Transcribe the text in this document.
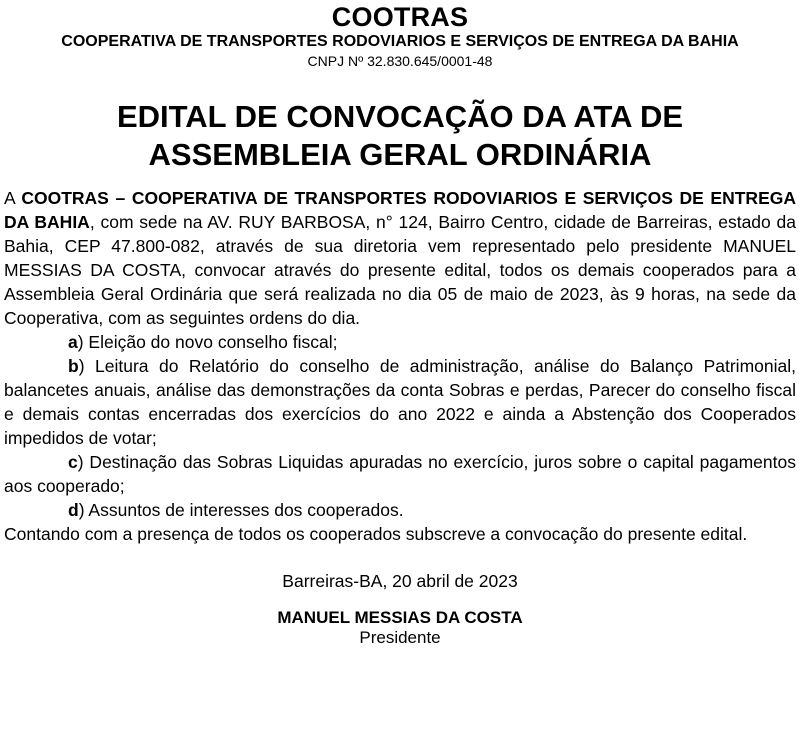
COOTRAS
COOPERATIVA DE TRANSPORTES RODOVIARIOS E SERVIÇOS DE ENTREGA DA BAHIA
CNPJ Nº 32.830.645/0001-48
EDITAL DE CONVOCAÇÃO DA ATA DE
ASSEMBLEIA GERAL ORDINÁRIA

A COOTRAS – COOPERATIVA DE TRANSPORTES RODOVIARIOS E SERVIÇOS DE ENTREGA DA BAHIA, com sede na AV. RUY BARBOSA, n° 124, Bairro Centro, cidade de Barreiras, estado da Bahia, CEP 47.800-082, através de sua diretoria vem representado pelo presidente MANUEL MESSIAS DA COSTA, convocar através do presente edital, todos os demais cooperados para a Assembleia Geral Ordinária que será realizada no dia 05 de maio de 2023, às 9 horas, na sede da Cooperativa, com as seguintes ordens do dia.

a) Eleição do novo conselho fiscal;

b) Leitura do Relatório do conselho de administração, análise do Balanço Patrimonial, balancetes anuais, análise das demonstrações da conta Sobras e perdas, Parecer do conselho fiscal e demais contas encerradas dos exercícios do ano 2022 e ainda a Abstenção dos Cooperados impedidos de votar;

c) Destinação das Sobras Liquidas apuradas no exercício, juros sobre o capital pagamentos aos cooperado;

d) Assuntos de interesses dos cooperados.

Contando com a presença de todos os cooperados subscreve a convocação do presente edital.

Barreiras-BA, 20 abril de 2023
MANUEL MESSIAS DA COSTA
Presidente
